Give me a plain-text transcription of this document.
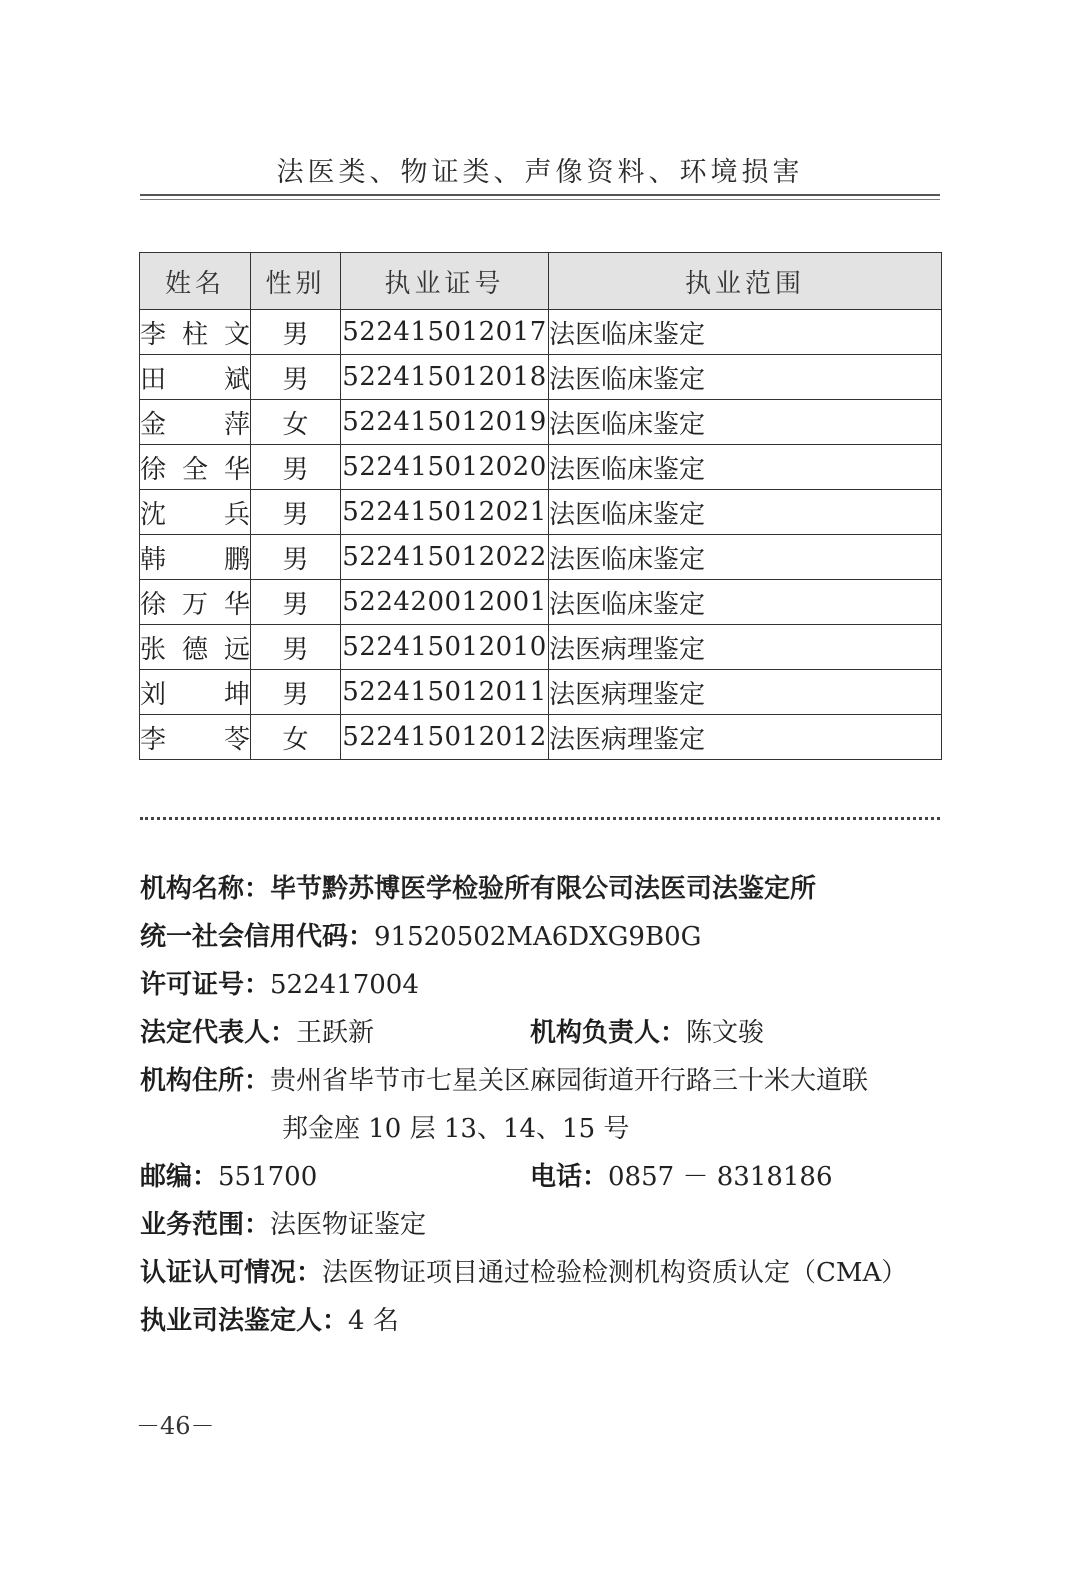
法医类、物证类、声像资料、环境损害
姓名	性别	执业证号	执业范围
李柱文	男	522415012017	法医临床鉴定
田斌	男	522415012018	法医临床鉴定
金萍	女	522415012019	法医临床鉴定
徐全华	男	522415012020	法医临床鉴定
沈兵	男	522415012021	法医临床鉴定
韩鹏	男	522415012022	法医临床鉴定
徐万华	男	522420012001	法医临床鉴定
张德远	男	522415012010	法医病理鉴定
刘坤	男	522415012011	法医病理鉴定
李苓	女	522415012012	法医病理鉴定
机构名称：毕节黔苏博医学检验所有限公司法医司法鉴定所
统一社会信用代码：91520502MA6DXG9B0G
许可证号：522417004
法定代表人：王跃新	机构负责人：陈文骏
机构住所：贵州省毕节市七星关区麻园街道开行路三十米大道联
邦金座 10 层 13、14、15 号
邮编：551700	电话：0857 － 8318186
业务范围：法医物证鉴定
认证认可情况：法医物证项目通过检验检测机构资质认定（CMA）
执业司法鉴定人：4 名
－46－
